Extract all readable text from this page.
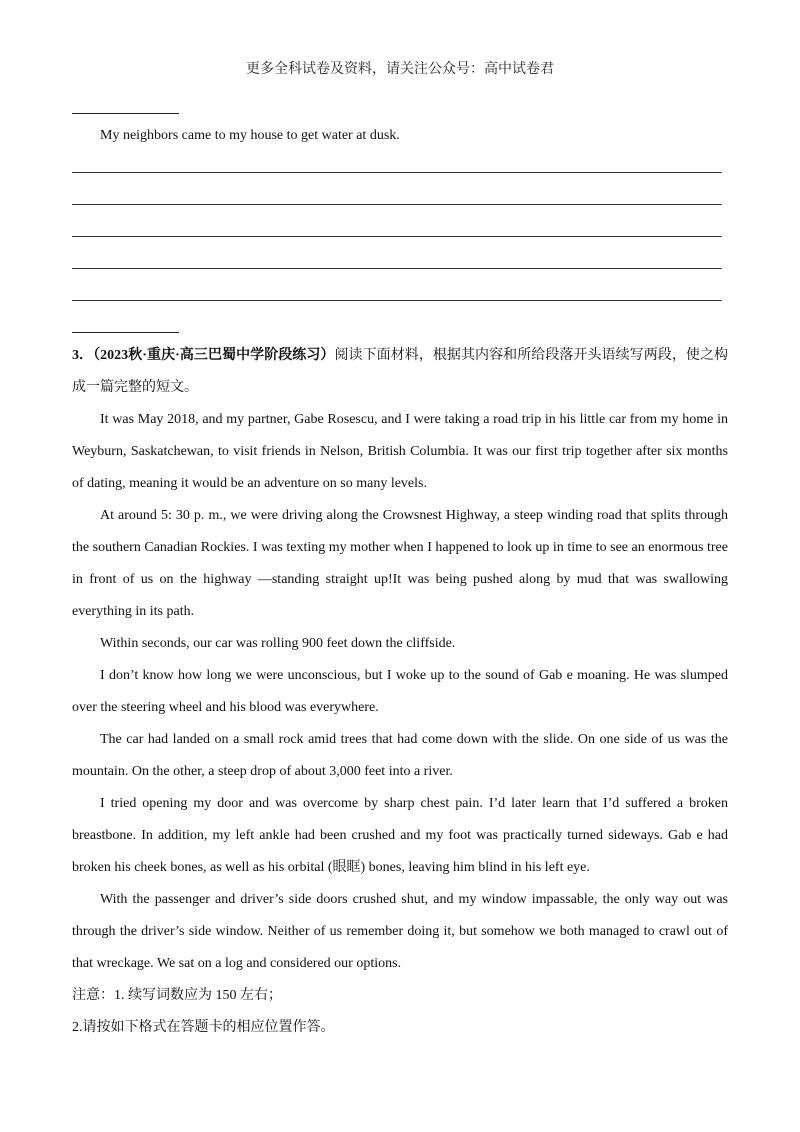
更多全科试卷及资料，请关注公众号：高中试卷君

My neighbors came to my house to get water at dusk.

3．（2023秋·重庆·高三巴蜀中学阶段练习）阅读下面材料，根据其内容和所给段落开头语续写两段，使之构成一篇完整的短文。

It was May 2018, and my partner, Gabe Rosescu, and I were taking a road trip in his little car from my home in Weyburn, Saskatchewan, to visit friends in Nelson, British Columbia. It was our first trip together after six months of dating, meaning it would be an adventure on so many levels.

At around 5: 30 p. m., we were driving along the Crowsnest Highway, a steep winding road that splits through the southern Canadian Rockies. I was texting my mother when I happened to look up in time to see an enormous tree in front of us on the highway —standing straight up!It was being pushed along by mud that was swallowing everything in its path.

Within seconds, our car was rolling 900 feet down the cliffside.

I don’t know how long we were unconscious, but I woke up to the sound of Gab e moaning. He was slumped over the steering wheel and his blood was everywhere.

The car had landed on a small rock amid trees that had come down with the slide. On one side of us was the mountain. On the other, a steep drop of about 3,000 feet into a river.

I tried opening my door and was overcome by sharp chest pain. I’d later learn that I’d suffered a broken breastbone. In addition, my left ankle had been crushed and my foot was practically turned sideways. Gab e had broken his cheek bones, as well as his orbital (眼眶) bones, leaving him blind in his left eye.

With the passenger and driver’s side doors crushed shut, and my window impassable, the only way out was through the driver’s side window. Neither of us remember doing it, but somehow we both managed to crawl out of that wreckage. We sat on a log and considered our options.

注意：1. 续写词数应为 150 左右；

2.请按如下格式在答题卡的相应位置作答。
